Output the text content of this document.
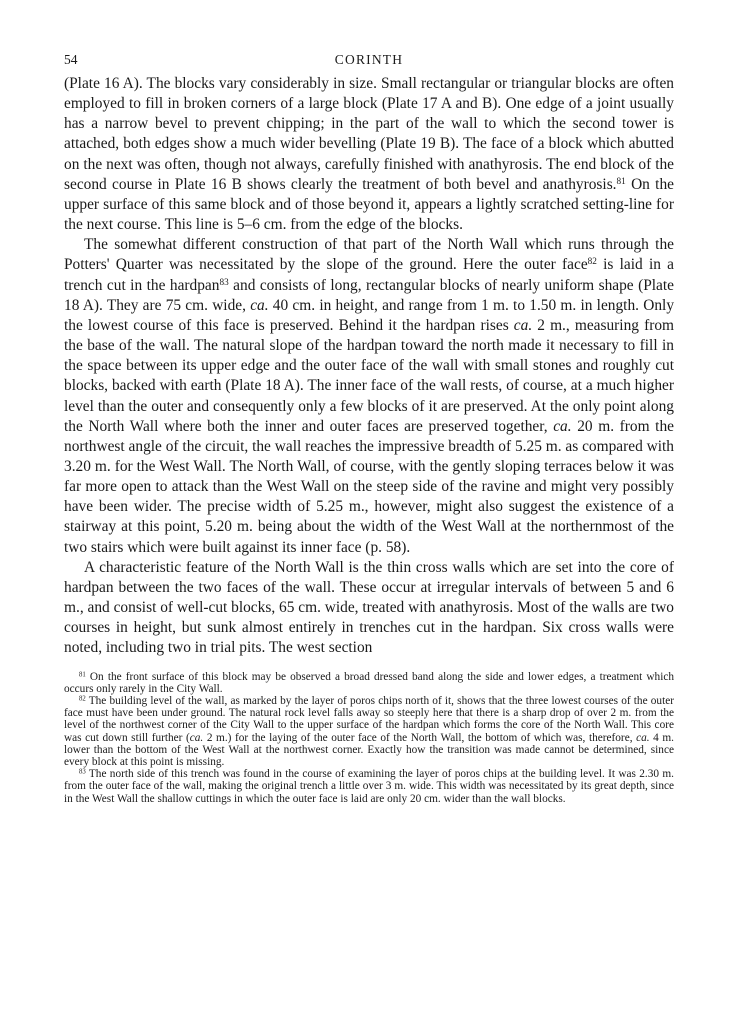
54	CORINTH

(Plate 16 A). The blocks vary considerably in size. Small rectangular or triangular blocks are often employed to fill in broken corners of a large block (Plate 17 A and B). One edge of a joint usually has a narrow bevel to prevent chipping; in the part of the wall to which the second tower is attached, both edges show a much wider bevelling (Plate 19 B). The face of a block which abutted on the next was often, though not always, carefully finished with anathyrosis. The end block of the second course in Plate 16 B shows clearly the treatment of both bevel and anathyrosis.$^{81}$ On the upper surface of this same block and of those beyond it, appears a lightly scratched setting-line for the next course. This line is 5–6 cm. from the edge of the blocks.

The somewhat different construction of that part of the North Wall which runs through the Potters' Quarter was necessitated by the slope of the ground. Here the outer face$^{82}$ is laid in a trench cut in the hardpan$^{83}$ and consists of long, rectangular blocks of nearly uniform shape (Plate 18 A). They are 75 cm. wide, ca. 40 cm. in height, and range from 1 m. to 1.50 m. in length. Only the lowest course of this face is preserved. Behind it the hardpan rises ca. 2 m., measuring from the base of the wall. The natural slope of the hardpan toward the north made it necessary to fill in the space between its upper edge and the outer face of the wall with small stones and roughly cut blocks, backed with earth (Plate 18 A). The inner face of the wall rests, of course, at a much higher level than the outer and consequently only a few blocks of it are preserved. At the only point along the North Wall where both the inner and outer faces are preserved together, ca. 20 m. from the northwest angle of the circuit, the wall reaches the impressive breadth of 5.25 m. as compared with 3.20 m. for the West Wall. The North Wall, of course, with the gently sloping terraces below it was far more open to attack than the West Wall on the steep side of the ravine and might very possibly have been wider. The precise width of 5.25 m., however, might also suggest the existence of a stairway at this point, 5.20 m. being about the width of the West Wall at the northernmost of the two stairs which were built against its inner face (p. 58).

A characteristic feature of the North Wall is the thin cross walls which are set into the core of hardpan between the two faces of the wall. These occur at irregular intervals of between 5 and 6 m., and consist of well-cut blocks, 65 cm. wide, treated with anathyrosis. Most of the walls are two courses in height, but sunk almost entirely in trenches cut in the hardpan. Six cross walls were noted, including two in trial pits. The west section

$^{81}$ On the front surface of this block may be observed a broad dressed band along the side and lower edges, a treatment which occurs only rarely in the City Wall.

$^{82}$ The building level of the wall, as marked by the layer of poros chips north of it, shows that the three lowest courses of the outer face must have been under ground. The natural rock level falls away so steeply here that there is a sharp drop of over 2 m. from the level of the northwest corner of the City Wall to the upper surface of the hardpan which forms the core of the North Wall. This core was cut down still further (ca. 2 m.) for the laying of the outer face of the North Wall, the bottom of which was, therefore, ca. 4 m. lower than the bottom of the West Wall at the northwest corner. Exactly how the transition was made cannot be determined, since every block at this point is missing.

$^{83}$ The north side of this trench was found in the course of examining the layer of poros chips at the building level. It was 2.30 m. from the outer face of the wall, making the original trench a little over 3 m. wide. This width was necessitated by its great depth, since in the West Wall the shallow cuttings in which the outer face is laid are only 20 cm. wider than the wall blocks.
